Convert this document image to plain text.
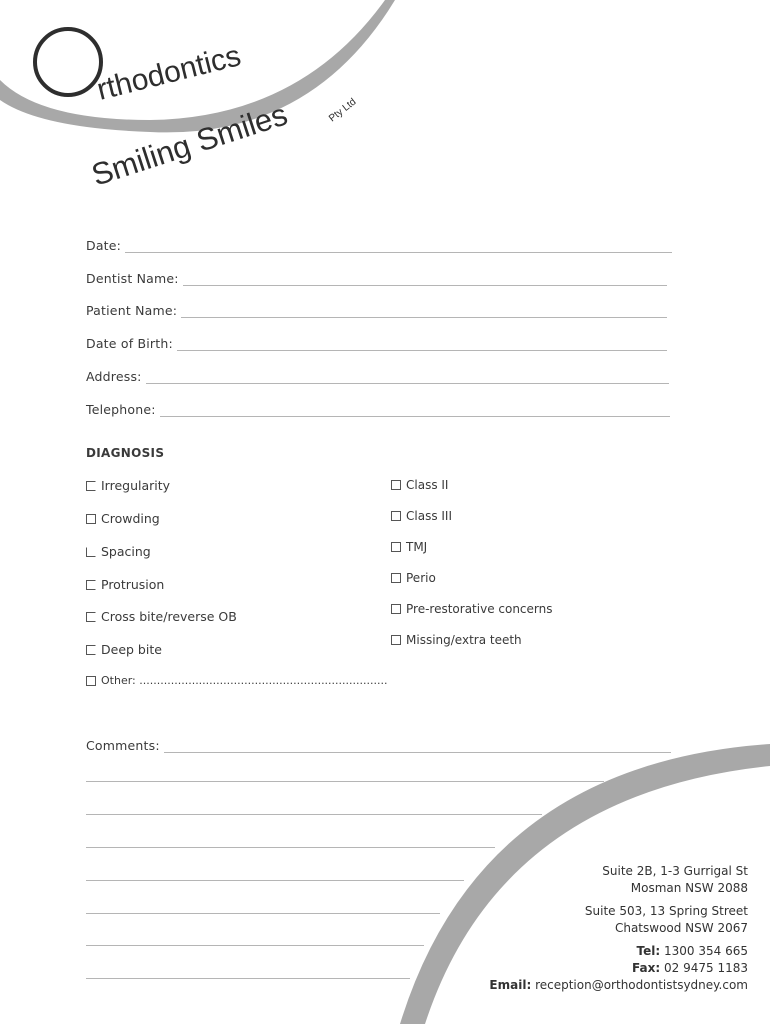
rthodontics
Smiling Smiles	Pty Ltd
Date:
Dentist Name:
Patient Name:
Date of Birth:
Address:
Telephone:
DIAGNOSIS
Irregularity
Crowding
Spacing
Protrusion
Cross bite/reverse OB
Deep bite
Other: .......................................................................
Class II
Class III
TMJ
Perio
Pre-restorative concerns
Missing/extra teeth
Comments:
Suite 2B, 1-3 Gurrigal St
Mosman NSW 2088
Suite 503, 13 Spring Street
Chatswood NSW 2067
Tel: 1300 354 665
Fax: 02 9475 1183
Email: reception@orthodontistsydney.com
